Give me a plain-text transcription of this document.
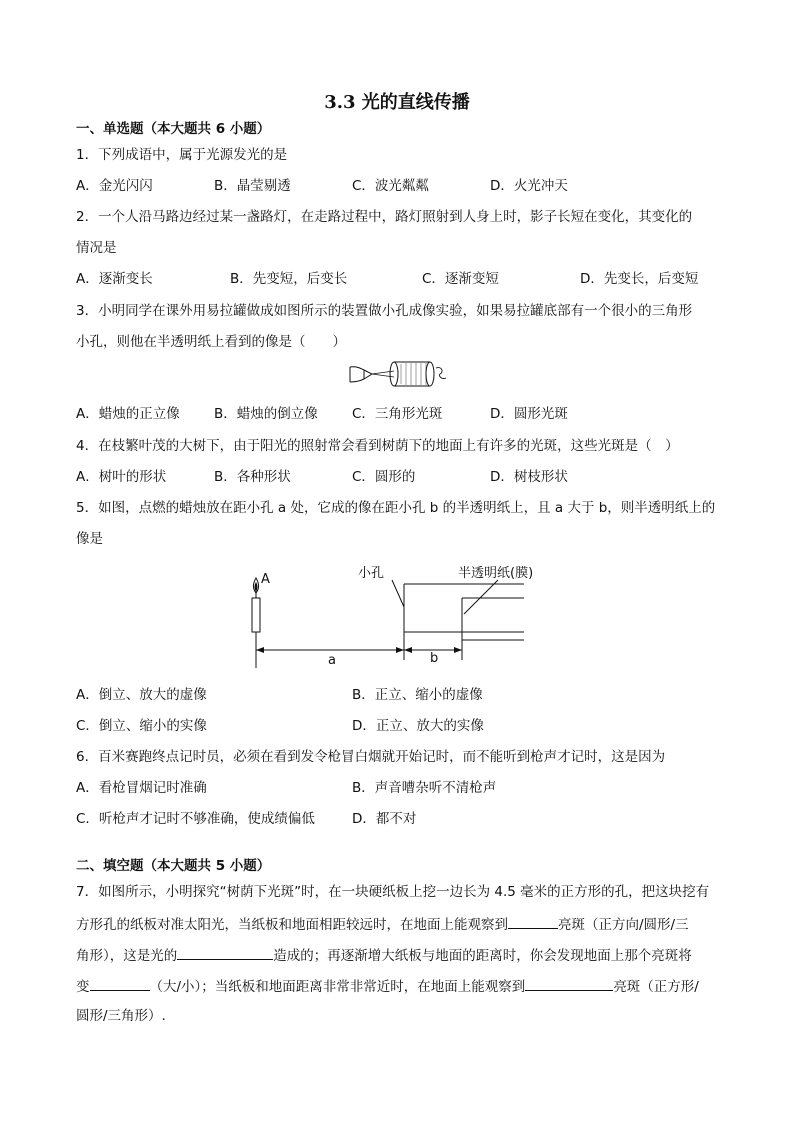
3.3 光的直线传播
一、单选题（本大题共 6 小题）
1．下列成语中，属于光源发光的是
A．金光闪闪	B．晶莹剔透	C．波光粼粼	D．火光冲天
2．一个人沿马路边经过某一盏路灯，在走路过程中，路灯照射到人身上时，影子长短在变化，其变化的
情况是
A．逐渐变长	B．先变短，后变长	C．逐渐变短	D．先变长，后变短
3．小明同学在课外用易拉罐做成如图所示的装置做小孔成像实验，如果易拉罐底部有一个很小的三角形
小孔，则他在半透明纸上看到的像是（　　）
A．蜡烛的正立像	B．蜡烛的倒立像	C．三角形光斑	D．圆形光斑
4．在枝繁叶茂的大树下，由于阳光的照射常会看到树荫下的地面上有许多的光斑，这些光斑是（　）
A．树叶的形状	B．各种形状	C．圆形的	D．树枝形状
5．如图，点燃的蜡烛放在距小孔 a 处，它成的像在距小孔 b 的半透明纸上，且 a 大于 b，则半透明纸上的
像是
A	小孔	半透明纸(膜)
a	b
A．倒立、放大的虚像	B．正立、缩小的虚像
C．倒立、缩小的实像	D．正立、放大的实像
6．百米赛跑终点记时员，必须在看到发令枪冒白烟就开始记时，而不能听到枪声才记时，这是因为
A．看枪冒烟记时准确	B．声音嘈杂听不清枪声
C．听枪声才记时不够准确，使成绩偏低	D．都不对
二、填空题（本大题共 5 小题）
7．如图所示，小明探究“树荫下光斑”时，在一块硬纸板上挖一边长为 4.5 毫米的正方形的孔，把这块挖有
方形孔的纸板对准太阳光，当纸板和地面相距较远时，在地面上能观察到	亮斑（正方向/圆形/三
角形），这是光的	造成的；再逐渐增大纸板与地面的距离时，你会发现地面上那个亮斑将
变	（大/小）；当纸板和地面距离非常非常近时，在地面上能观察到	亮斑（正方形/
圆形/三角形）.
